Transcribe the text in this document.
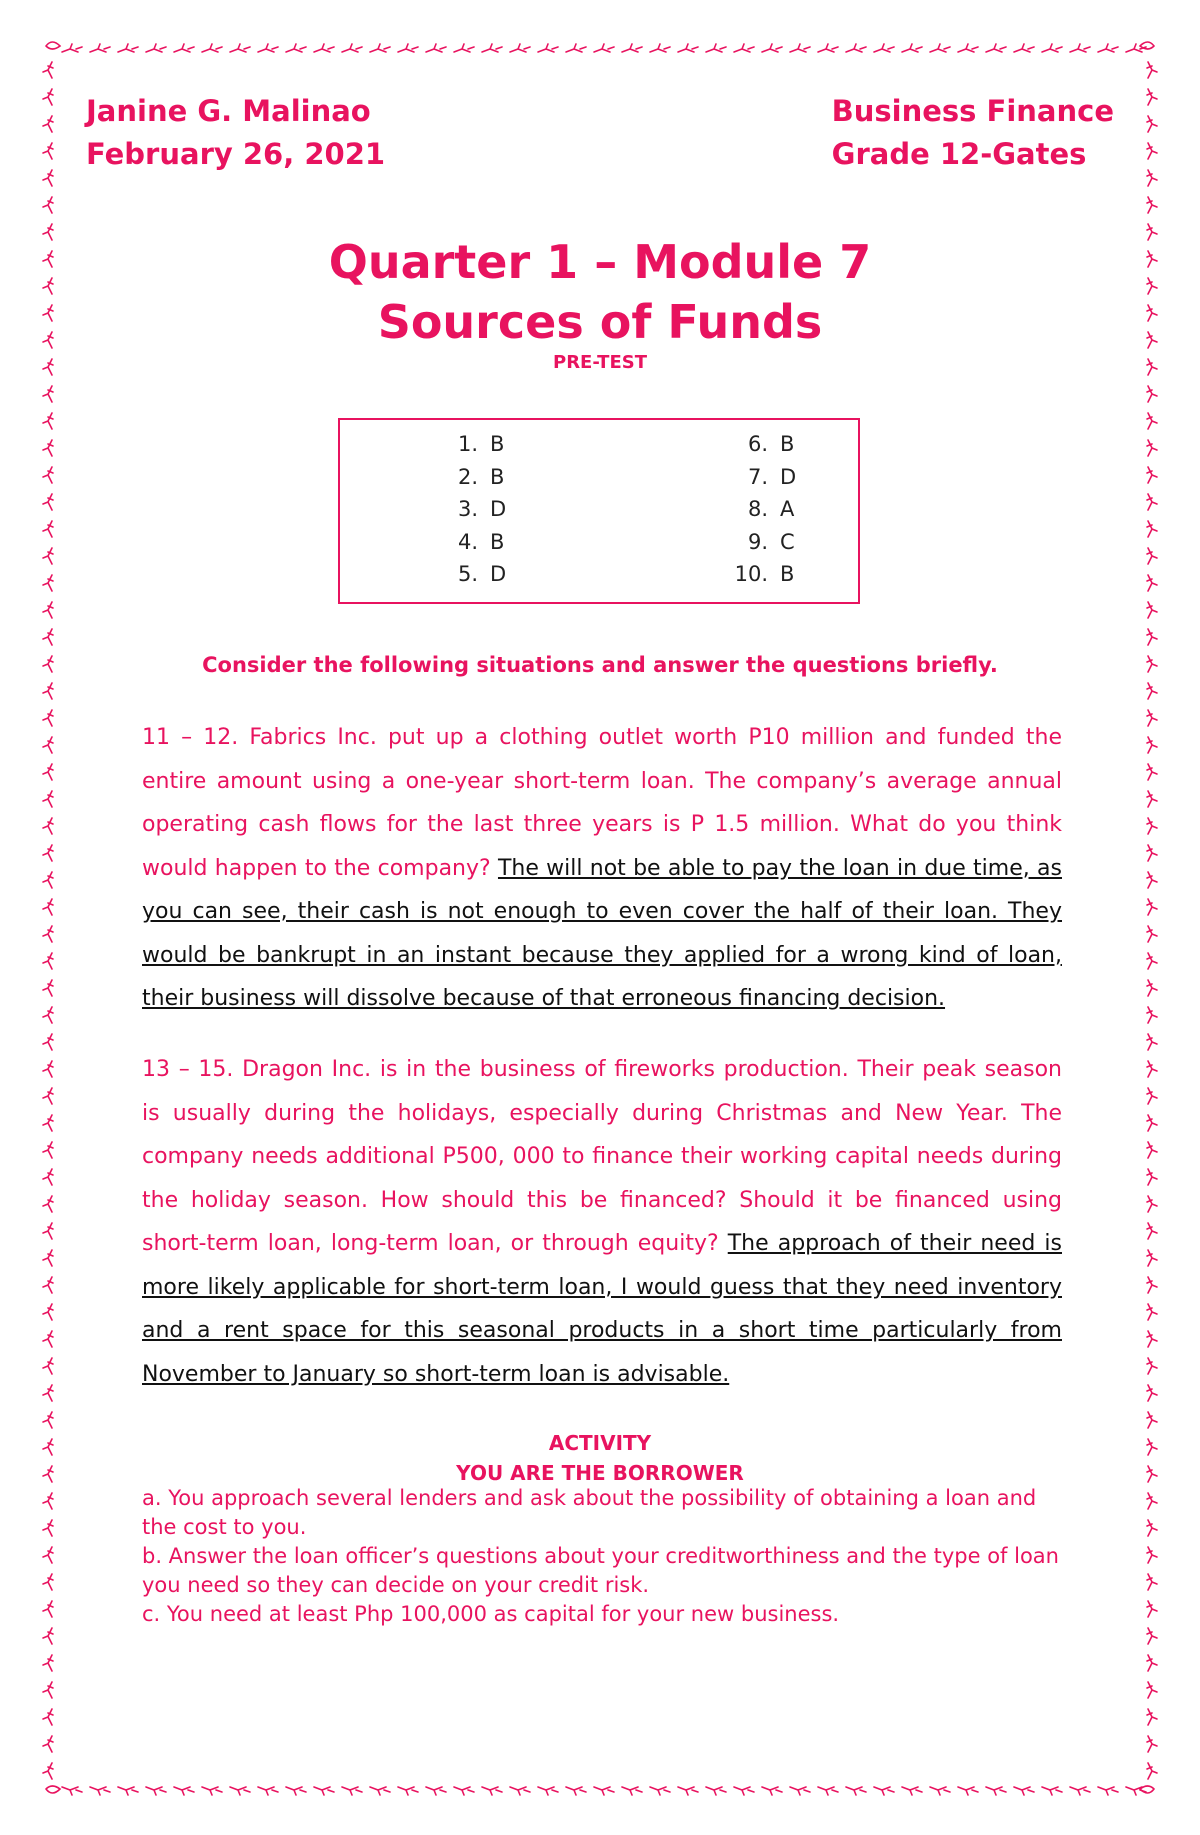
Janine G. Malinao
February 26, 2021
Business Finance
Grade 12-Gates
Quarter 1 – Module 7
Sources of Funds
PRE-TEST
1. B
2. B
3. D
4. B
5. D
6. B
7. D
8. A
9. C
10. B
Consider the following situations and answer the questions briefly.
11 – 12. Fabrics Inc. put up a clothing outlet worth P10 million and funded the entire amount using a one-year short-term loan. The company’s average annual operating cash flows for the last three years is P 1.5 million. What do you think would happen to the company? The will not be able to pay the loan in due time, as you can see, their cash is not enough to even cover the half of their loan. They would be bankrupt in an instant because they applied for a wrong kind of loan, their business will dissolve because of that erroneous financing decision.
13 – 15. Dragon Inc. is in the business of fireworks production. Their peak season is usually during the holidays, especially during Christmas and New Year. The company needs additional P500, 000 to finance their working capital needs during the holiday season. How should this be financed? Should it be financed using short-term loan, long-term loan, or through equity? The approach of their need is more likely applicable for short-term loan, I would guess that they need inventory and a rent space for this seasonal products in a short time particularly from November to January so short-term loan is advisable.
ACTIVITY
YOU ARE THE BORROWER

a. You approach several lenders and ask about the possibility of obtaining a loan and the cost to you.

b. Answer the loan officer’s questions about your creditworthiness and the type of loan you need so they can decide on your credit risk.

c. You need at least Php 100,000 as capital for your new business.
